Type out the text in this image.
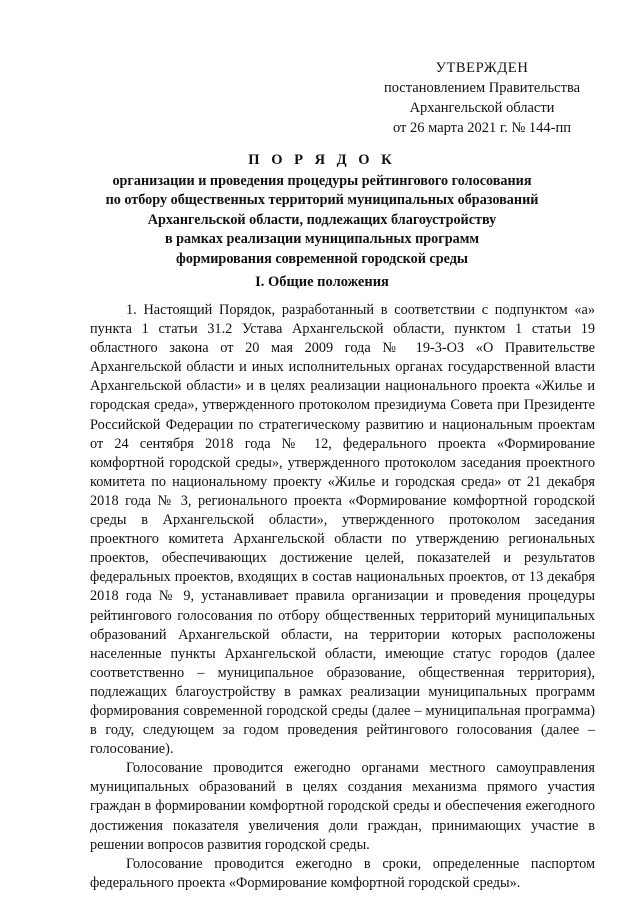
УТВЕРЖДЕН
постановлением Правительства
Архангельской области
от 26 марта 2021 г. № 144-пп
П О Р Я Д О К
организации и проведения процедуры рейтингового голосования
по отбору общественных территорий муниципальных образований
Архангельской области, подлежащих благоустройству
в рамках реализации муниципальных программ
формирования современной городской среды
I. Общие положения

1. Настоящий Порядок, разработанный в соответствии с подпунктом «а» пункта 1 статьи 31.2 Устава Архангельской области, пунктом 1 статьи 19 областного закона от 20 мая 2009 года № 19-3-ОЗ «О Правительстве Архангельской области и иных исполнительных органах государственной власти Архангельской области» и в целях реализации национального проекта «Жилье и городская среда», утвержденного протоколом президиума Совета при Президенте Российской Федерации по стратегическому развитию и национальным проектам от 24 сентября 2018 года № 12, федерального проекта «Формирование комфортной городской среды», утвержденного протоколом заседания проектного комитета по национальному проекту «Жилье и городская среда» от 21 декабря 2018 года № 3, регионального проекта «Формирование комфортной городской среды в Архангельской области», утвержденного протоколом заседания проектного комитета Архангельской области по утверждению региональных проектов, обеспечивающих достижение целей, показателей и результатов федеральных проектов, входящих в состав национальных проектов, от 13 декабря 2018 года № 9, устанавливает правила организации и проведения процедуры рейтингового голосования по отбору общественных территорий муниципальных образований Архангельской области, на территории которых расположены населенные пункты Архангельской области, имеющие статус городов (далее соответственно – муниципальное образование, общественная территория), подлежащих благоустройству в рамках реализации муниципальных программ формирования современной городской среды (далее – муниципальная программа) в году, следующем за годом проведения рейтингового голосования (далее – голосование).

Голосование проводится ежегодно органами местного самоуправления муниципальных образований в целях создания механизма прямого участия граждан в формировании комфортной городской среды и обеспечения ежегодного достижения показателя увеличения доли граждан, принимающих участие в решении вопросов развития городской среды.

Голосование проводится ежегодно в сроки, определенные паспортом федерального проекта «Формирование комфортной городской среды».
